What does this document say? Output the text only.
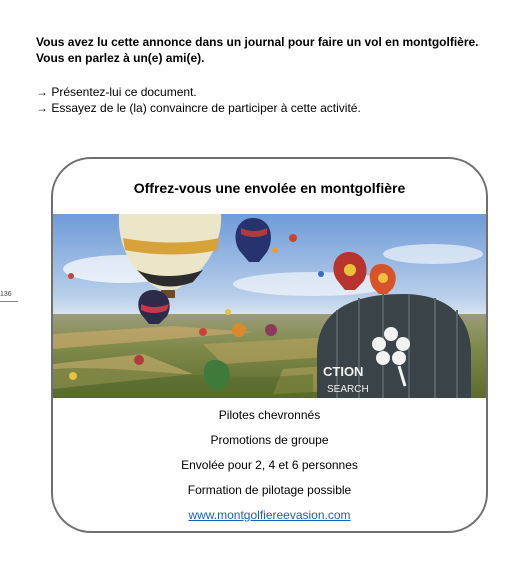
Vous avez lu cette annonce dans un journal pour faire un vol en montgolfière.
Vous en parlez à un(e) ami(e).
→ Présentez-lui ce document.
→ Essayez de le (la) convaincre de participer à cette activité.
136
Offrez-vous une envolée en montgolfière
CTION
SEARCH
Pilotes chevronnés
Promotions de groupe
Envolée pour 2, 4 et 6 personnes
Formation de pilotage possible
www.montgolfiereevasion.com
